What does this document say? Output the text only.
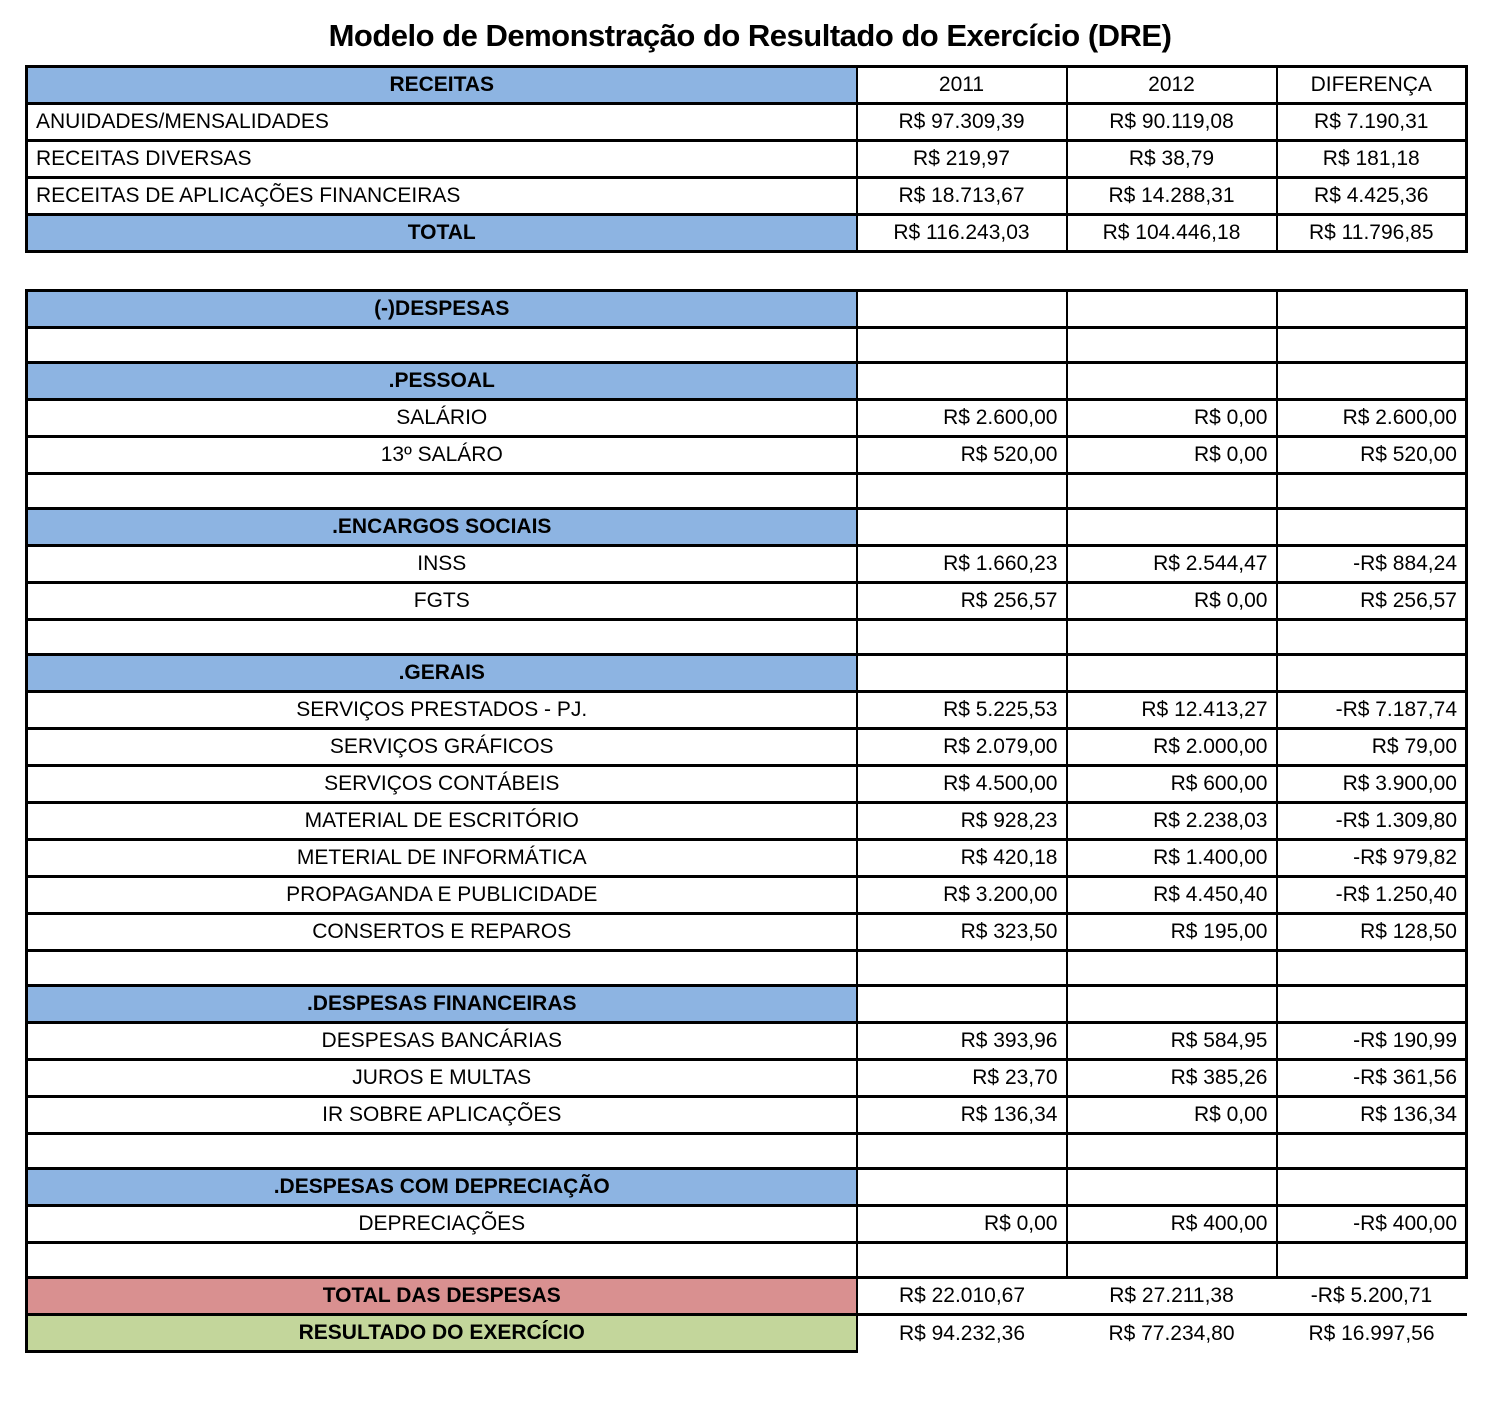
Modelo de Demonstração do Resultado do Exercício (DRE)
RECEITAS	2011	2012	DIFERENÇA
ANUIDADES/MENSALIDADES	R$ 97.309,39	R$ 90.119,08	R$ 7.190,31
RECEITAS DIVERSAS	R$ 219,97	R$ 38,79	R$ 181,18
RECEITAS DE APLICAÇÕES FINANCEIRAS	R$ 18.713,67	R$ 14.288,31	R$ 4.425,36
TOTAL	R$ 116.243,03	R$ 104.446,18	R$ 11.796,85
(-)DESPESAS			

.PESSOAL			
SALÁRIO	R$ 2.600,00	R$ 0,00	R$ 2.600,00
13º SALÁRO	R$ 520,00	R$ 0,00	R$ 520,00

.ENCARGOS SOCIAIS			
INSS	R$ 1.660,23	R$ 2.544,47	-R$ 884,24
FGTS	R$ 256,57	R$ 0,00	R$ 256,57

.GERAIS			
SERVIÇOS PRESTADOS - PJ.	R$ 5.225,53	R$ 12.413,27	-R$ 7.187,74
SERVIÇOS GRÁFICOS	R$ 2.079,00	R$ 2.000,00	R$ 79,00
SERVIÇOS CONTÁBEIS	R$ 4.500,00	R$ 600,00	R$ 3.900,00
MATERIAL DE ESCRITÓRIO	R$ 928,23	R$ 2.238,03	-R$ 1.309,80
METERIAL DE INFORMÁTICA	R$ 420,18	R$ 1.400,00	-R$ 979,82
PROPAGANDA E PUBLICIDADE	R$ 3.200,00	R$ 4.450,40	-R$ 1.250,40
CONSERTOS E REPAROS	R$ 323,50	R$ 195,00	R$ 128,50

.DESPESAS FINANCEIRAS			
DESPESAS BANCÁRIAS	R$ 393,96	R$ 584,95	-R$ 190,99
JUROS E MULTAS	R$ 23,70	R$ 385,26	-R$ 361,56
IR SOBRE APLICAÇÕES	R$ 136,34	R$ 0,00	R$ 136,34

.DESPESAS COM DEPRECIAÇÃO			
DEPRECIAÇÕES	R$ 0,00	R$ 400,00	-R$ 400,00

TOTAL DAS DESPESAS	R$ 22.010,67	R$ 27.211,38	-R$ 5.200,71
RESULTADO DO EXERCÍCIO	R$ 94.232,36	R$ 77.234,80	R$ 16.997,56
